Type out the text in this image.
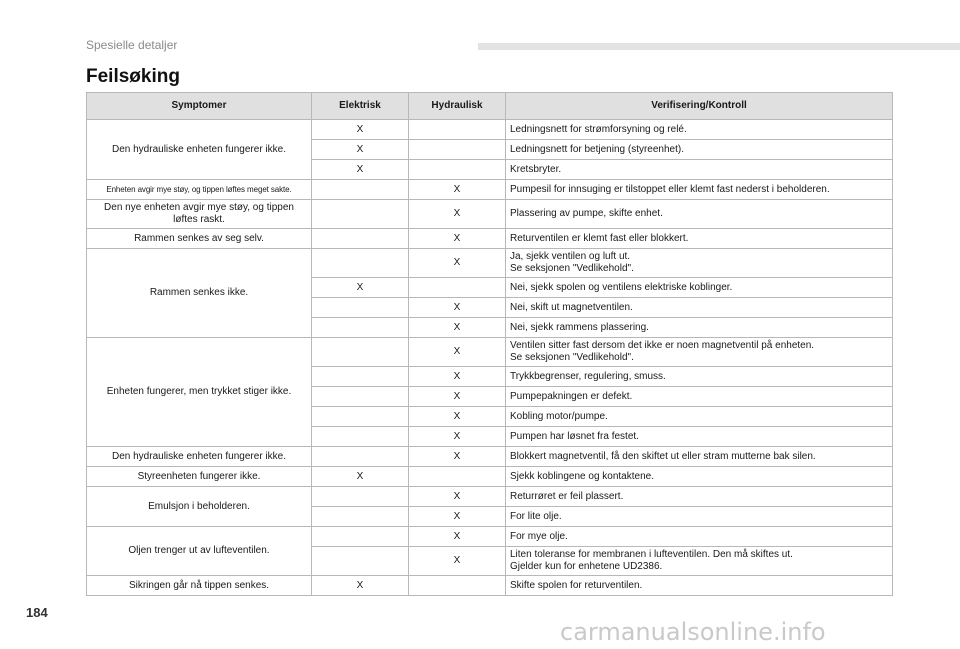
Spesielle detaljer
Feilsøking
Symptomer	Elektrisk	Hydraulisk	Verifisering/Kontroll
Den hydrauliske enheten fungerer ikke.	X		Ledningsnett for strømforsyning og relé.

	X		Ledningsnett for betjening (styreenhet).

	X		Kretsbryter.

Enheten avgir mye støy, og tippen løftes meget sakte.		X	Pumpesil for innsuging er tilstoppet eller klemt fast nederst i beholderen.

Den nye enheten avgir mye støy, og tippen løftes raskt.		X	Plassering av pumpe, skifte enhet.

Rammen senkes av seg selv.		X	Returventilen er klemt fast eller blokkert.

Rammen senkes ikke.		X	Ja, sjekk ventilen og luft ut.
Se seksjonen "Vedlikehold".

	X		Nei, sjekk spolen og ventilens elektriske koblinger.

		X	Nei, skift ut magnetventilen.

		X	Nei, sjekk rammens plassering.

Enheten fungerer, men trykket stiger ikke.		X	Ventilen sitter fast dersom det ikke er noen magnetventil på enheten.
Se seksjonen "Vedlikehold".

		X	Trykkbegrenser, regulering, smuss.

		X	Pumpepakningen er defekt.

		X	Kobling motor/pumpe.

		X	Pumpen har løsnet fra festet.

Den hydrauliske enheten fungerer ikke.		X	Blokkert magnetventil, få den skiftet ut eller stram mutterne bak silen.

Styreenheten fungerer ikke.	X		Sjekk koblingene og kontaktene.

Emulsjon i beholderen.		X	Returrøret er feil plassert.

		X	For lite olje.

Oljen trenger ut av lufteventilen.		X	For mye olje.

		X	Liten toleranse for membranen i lufteventilen. Den må skiftes ut.
Gjelder kun for enhetene UD2386.

Sikringen går nå tippen senkes.	X		Skifte spolen for returventilen.
184
carmanualsonline.info
